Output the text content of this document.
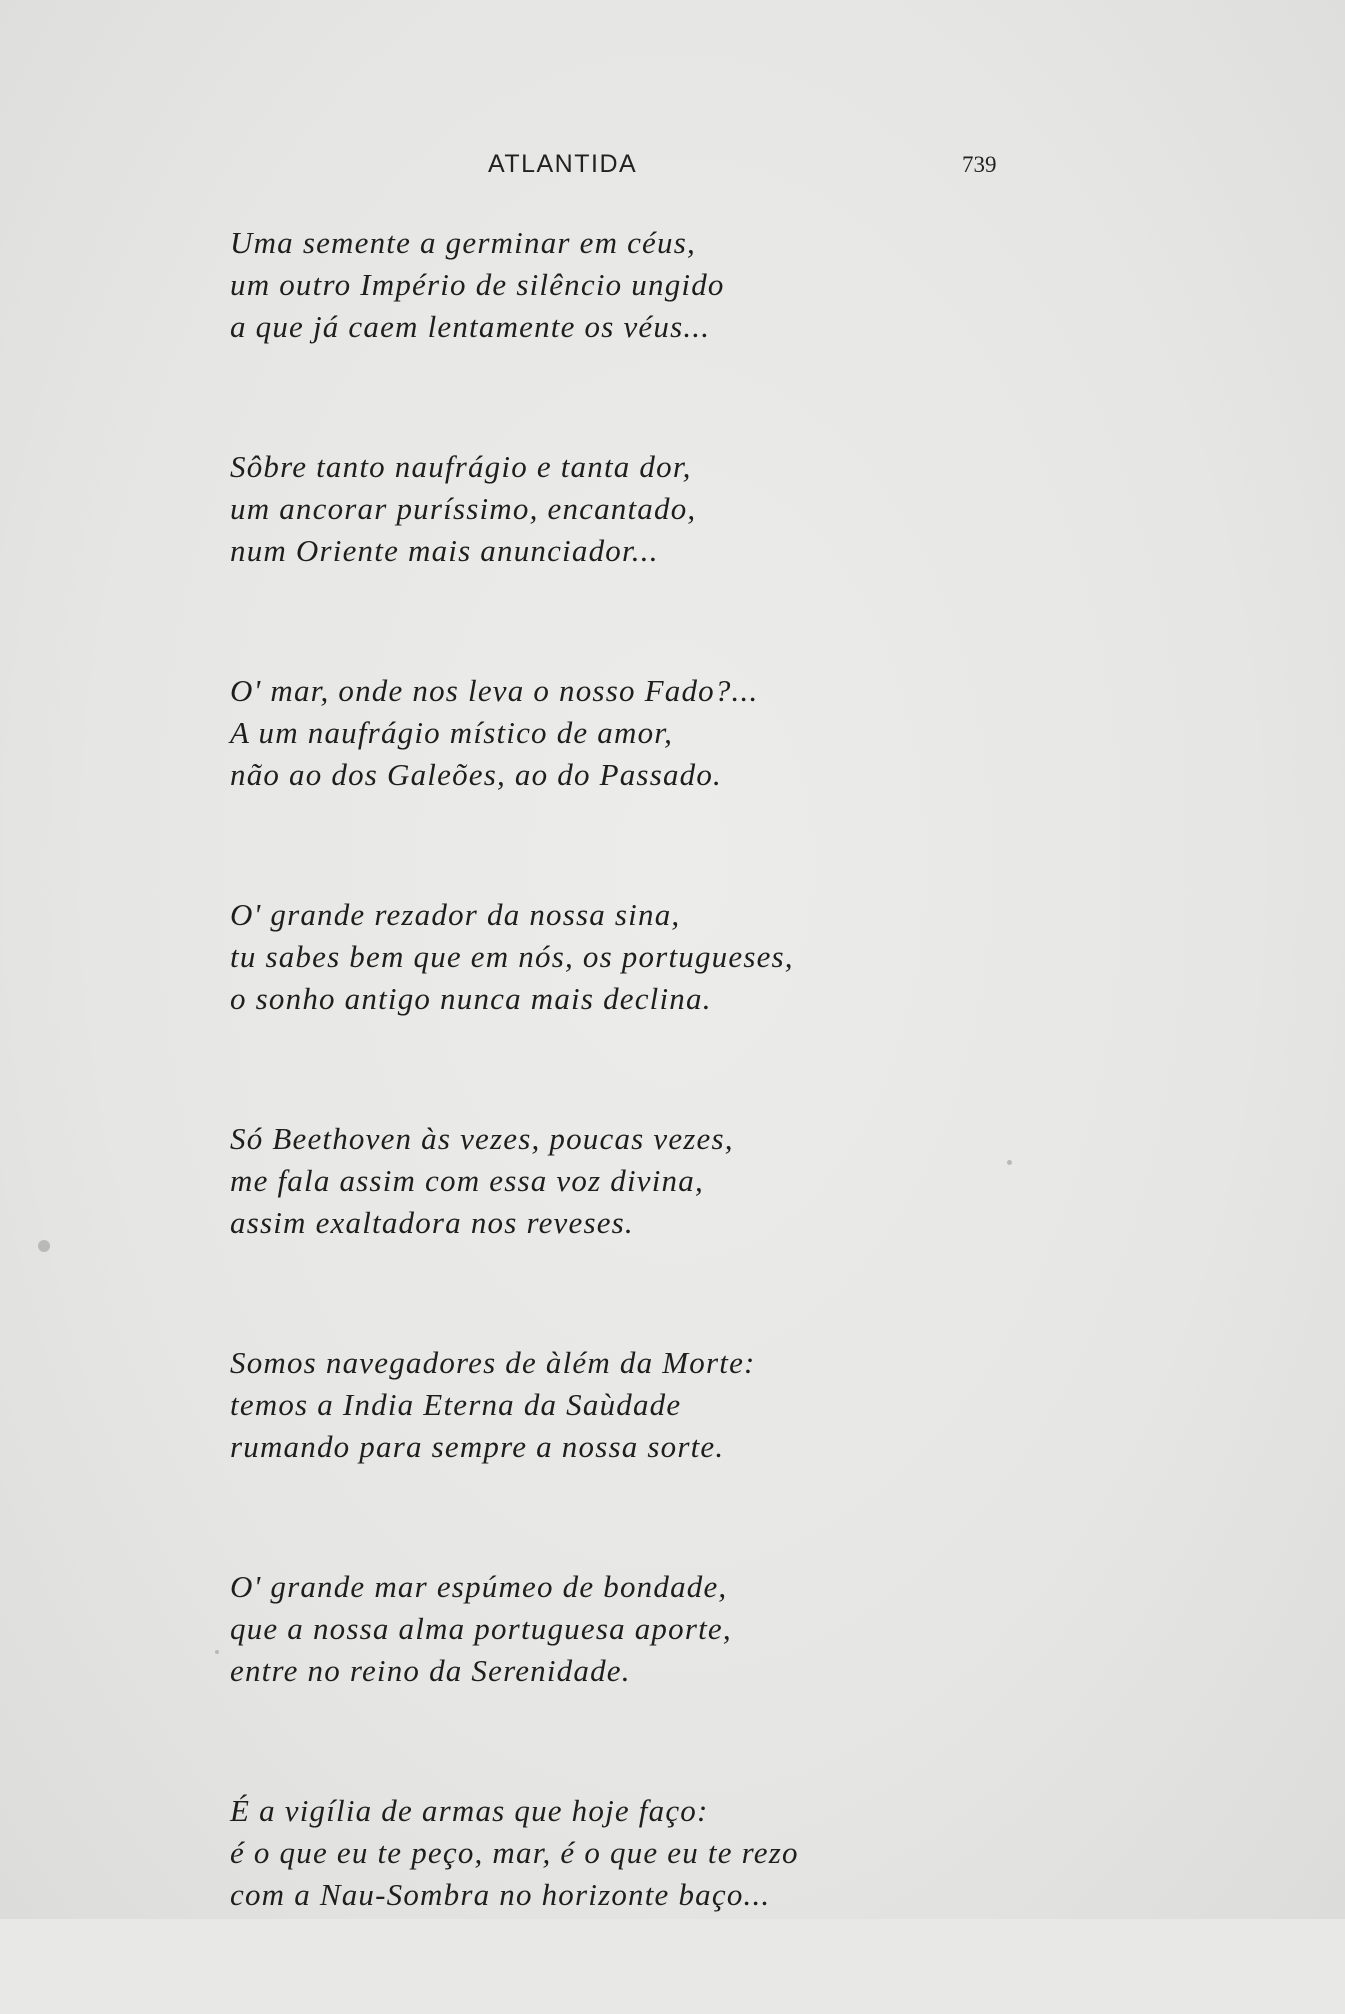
ATLANTIDA	739
Uma semente a germinar em céus,
um outro Império de silêncio ungido
a que já caem lentamente os véus...
Sôbre tanto naufrágio e tanta dor,
um ancorar puríssimo, encantado,
num Oriente mais anunciador...
O' mar, onde nos leva o nosso Fado?...
A um naufrágio místico de amor,
não ao dos Galeões, ao do Passado.
O' grande rezador da nossa sina,
tu sabes bem que em nós, os portugueses,
o sonho antigo nunca mais declina.
Só Beethoven às vezes, poucas vezes,
me fala assim com essa voz divina,
assim exaltadora nos reveses.
Somos navegadores de àlém da Morte:
temos a India Eterna da Saùdade
rumando para sempre a nossa sorte.
O' grande mar espúmeo de bondade,
que a nossa alma portuguesa aporte,
entre no reino da Serenidade.
É a vigília de armas que hoje faço:
é o que eu te peço, mar, é o que eu te rezo
com a Nau-Sombra no horizonte baço...
